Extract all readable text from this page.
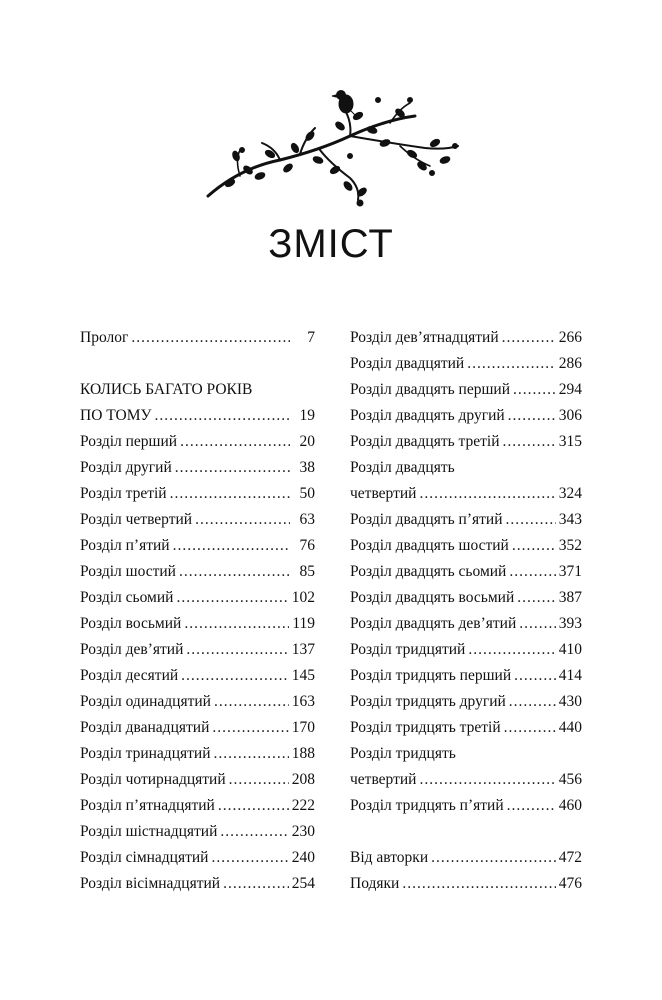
ЗМІСТ
Пролог .....	7
КОЛИСЬ БАГАТО РОКІВ
ПО ТОМУ .....	19
Розділ перший .....	20
Розділ другий .....	38
Розділ третій .....	50
Розділ четвертий .....	63
Розділ п’ятий .....	76
Розділ шостий .....	85
Розділ сьомий .....	102
Розділ восьмий .....	119
Розділ дев’ятий .....	137
Розділ десятий .....	145
Розділ одинадцятий .....	163
Розділ дванадцятий .....	170
Розділ тринадцятий .....	188
Розділ чотирнадцятий .....	208
Розділ п’ятнадцятий .....	222
Розділ шістнадцятий .....	230
Розділ сімнадцятий .....	240
Розділ вісімнадцятий .....	254
Розділ дев’ятнадцятий .....	266
Розділ двадцятий .....	286
Розділ двадцять перший .....	294
Розділ двадцять другий .....	306
Розділ двадцять третій .....	315
Розділ двадцять
четвертий .....	324
Розділ двадцять п’ятий .....	343
Розділ двадцять шостий .....	352
Розділ двадцять сьомий .....	371
Розділ двадцять восьмий .....	387
Розділ двадцять дев’ятий .....	393
Розділ тридцятий .....	410
Розділ тридцять перший .....	414
Розділ тридцять другий .....	430
Розділ тридцять третій .....	440
Розділ тридцять
четвертий .....	456
Розділ тридцять п’ятий .....	460
Від авторки .....	472
Подяки .....	476
